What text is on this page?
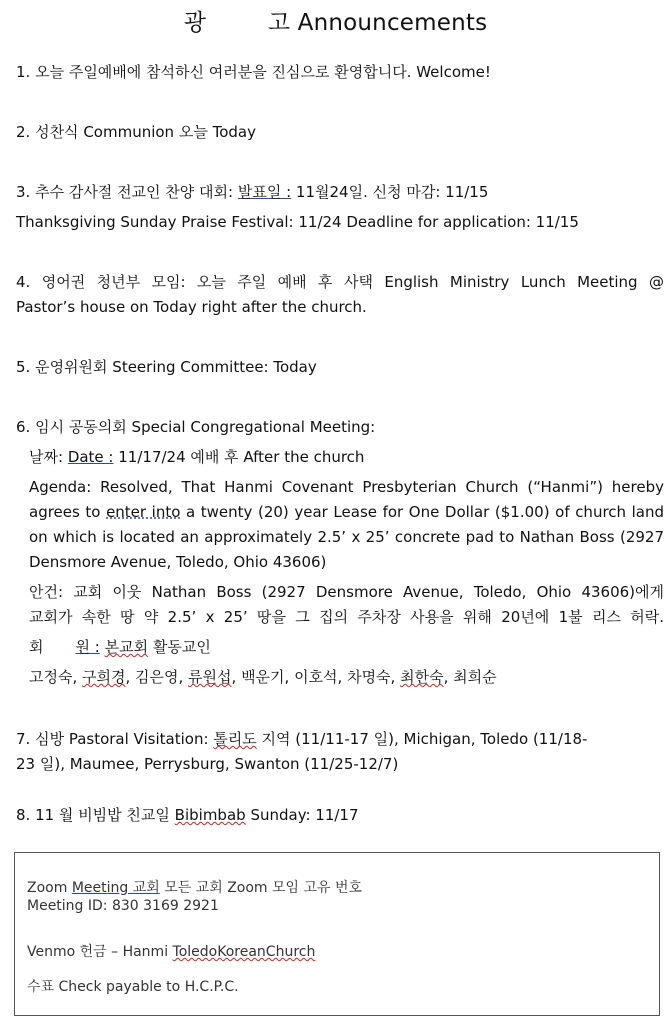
광	고 Announcements
1. 오늘 주일예배에 참석하신 여러분을 진심으로 환영합니다. Welcome!
2. 성찬식 Communion 오늘 Today
3. 추수 감사절 전교인 찬양 대회: 발표일 : 11월24일. 신청 마감: 11/15
Thanksgiving Sunday Praise Festival: 11/24 Deadline for application: 11/15
4. 영어권 청년부 모임: 오늘 주일 예배 후 사택 English Ministry Lunch Meeting @
Pastor’s house on Today right after the church.
5. 운영위원회 Steering Committee: Today
6. 임시 공동의회 Special Congregational Meeting:
날짜: Date : 11/17/24 예배 후 After the church
Agenda: Resolved, That Hanmi Covenant Presbyterian Church (“Hanmi”) hereby
agrees to enter into a twenty (20) year Lease for One Dollar ($1.00) of church land
on which is located an approximately 2.5’ x 25’ concrete pad to Nathan Boss (2927
Densmore Avenue, Toledo, Ohio 43606)
안건: 교회 이웃 Nathan Boss (2927 Densmore Avenue, Toledo, Ohio 43606)에게
교회가 속한 땅 약 2.5’ x 25’ 땅을 그 집의 주차장 사용을 위해 20년에 1불 리스 허락.
회 원 : 본교회 활동교인
고정숙, 구희경, 김은영, 류원섭, 백운기, 이호석, 차명숙, 최한숙, 최희순
7. 심방 Pastoral Visitation: 톨리도 지역 (11/11-17 일), Michigan, Toledo (11/18-
23 일), Maumee, Perrysburg, Swanton (11/25-12/7)
8. 11 월 비빔밥 친교일 Bibimbab Sunday: 11/17
Zoom Meeting 교회 모든 교회 Zoom 모임 고유 번호
Meeting ID: 830 3169 2921
Venmo 헌금 – Hanmi ToledoKoreanChurch
수표 Check payable to H.C.P.C.
